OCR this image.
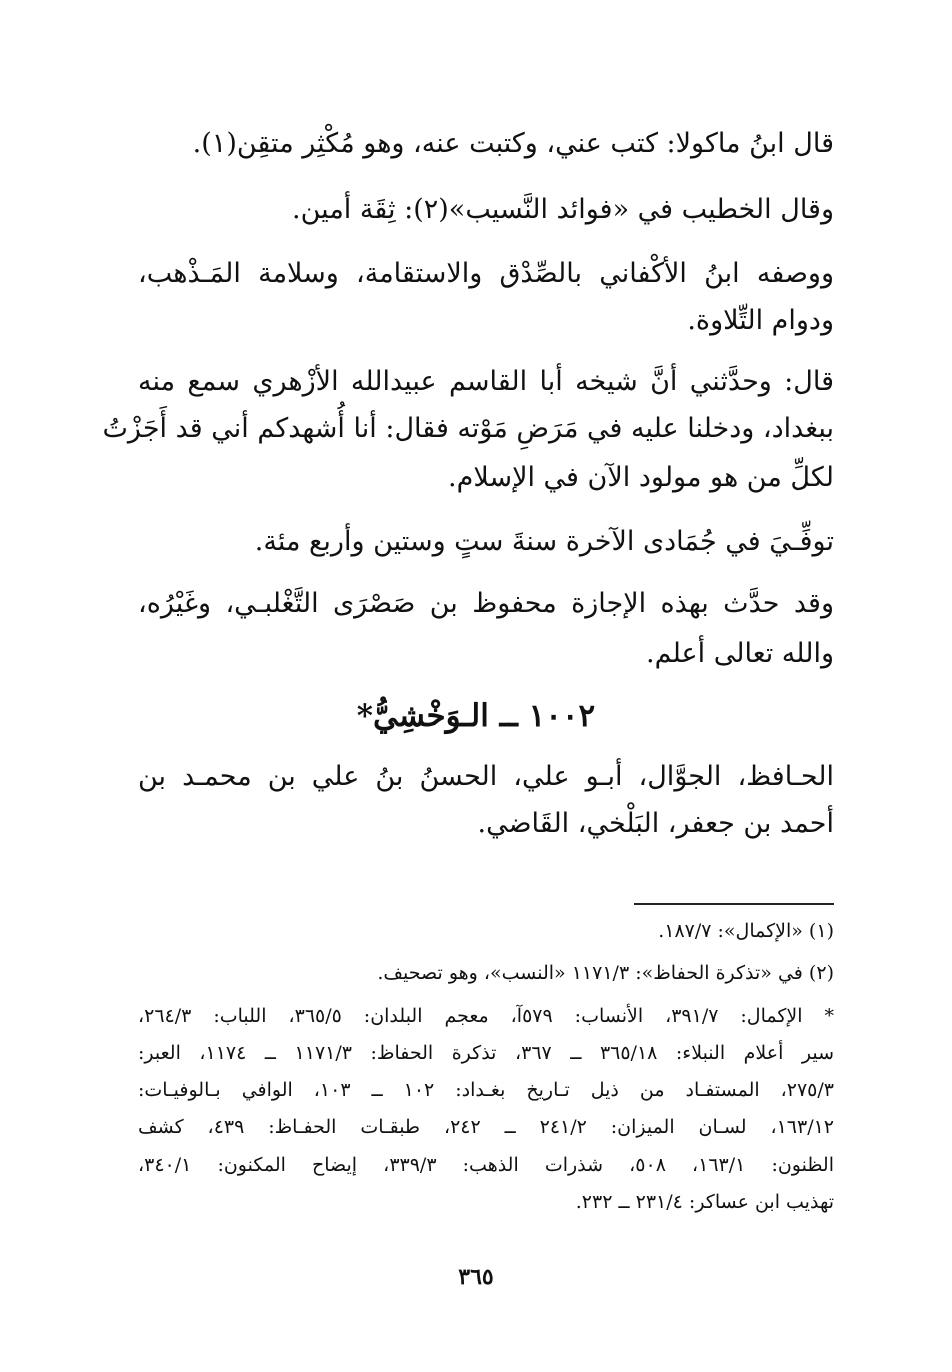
قال ابنُ ماكولا: كتب عني، وكتبت عنه، وهو مُكْثِر متقِن(١).
وقال الخطيب في «فوائد النَّسيب»(٢): ثِقَة أمين.
ووصفه ابنُ الأكْفاني بالصِّدْق والاستقامة، وسلامة المَـذْهب،
ودوام التِّلاوة.
قال: وحدَّثني أنَّ شيخه أبا القاسم عبيدالله الأزْهري سمع منه
ببغداد، ودخلنا عليه في مَرَضِ مَوْته فقال: أنا أُشهدكم أني قد أَجَزْتُ
لكلِّ من هو مولود الآن في الإسلام.
توفِّـيَ في جُمَادى الآخرة سنةَ ستٍ وستين وأربع مئة.
وقد حدَّث بهذه الإجازة محفوظ بن صَصْرَى التَّغْلبـي، وغَيْرُه،
والله تعالى أعلم.
١٠٠٢ ــ الـوَخْشِيُّ*
الحـافظ، الجوَّال، أبـو علي، الحسنُ بنُ علي بن محمـد بن
أحمد بن جعفر، البَلْخي، القَاضي.
(١) «الإكمال»: ١٨٧/٧.
(٢) في «تذكرة الحفاظ»: ١١٧١/٣ «النسب»، وهو تصحيف.
* الإكمال: ٣٩١/٧، الأنساب: ٥٧٩آ، معجم البلدان: ٣٦٥/٥، اللباب: ٢٦٤/٣،
سير أعلام النبلاء: ٣٦٥/١٨ ــ ٣٦٧، تذكرة الحفاظ: ١١٧١/٣ ــ ١١٧٤، العبر:
٢٧٥/٣، المستفـاد من ذيل تـاريخ بغـداد: ١٠٢ ــ ١٠٣، الوافي بـالوفيـات:
١٦٣/١٢، لسـان الميزان: ٢٤١/٢ ــ ٢٤٢، طبقـات الحفـاظ: ٤٣٩، كشف
الظنون: ١٦٣/١، ٥٠٨، شذرات الذهب: ٣٣٩/٣، إيضاح المكنون: ٣٤٠/١،
تهذيب ابن عساكر: ٢٣١/٤ ــ ٢٣٢.
٣٦٥
